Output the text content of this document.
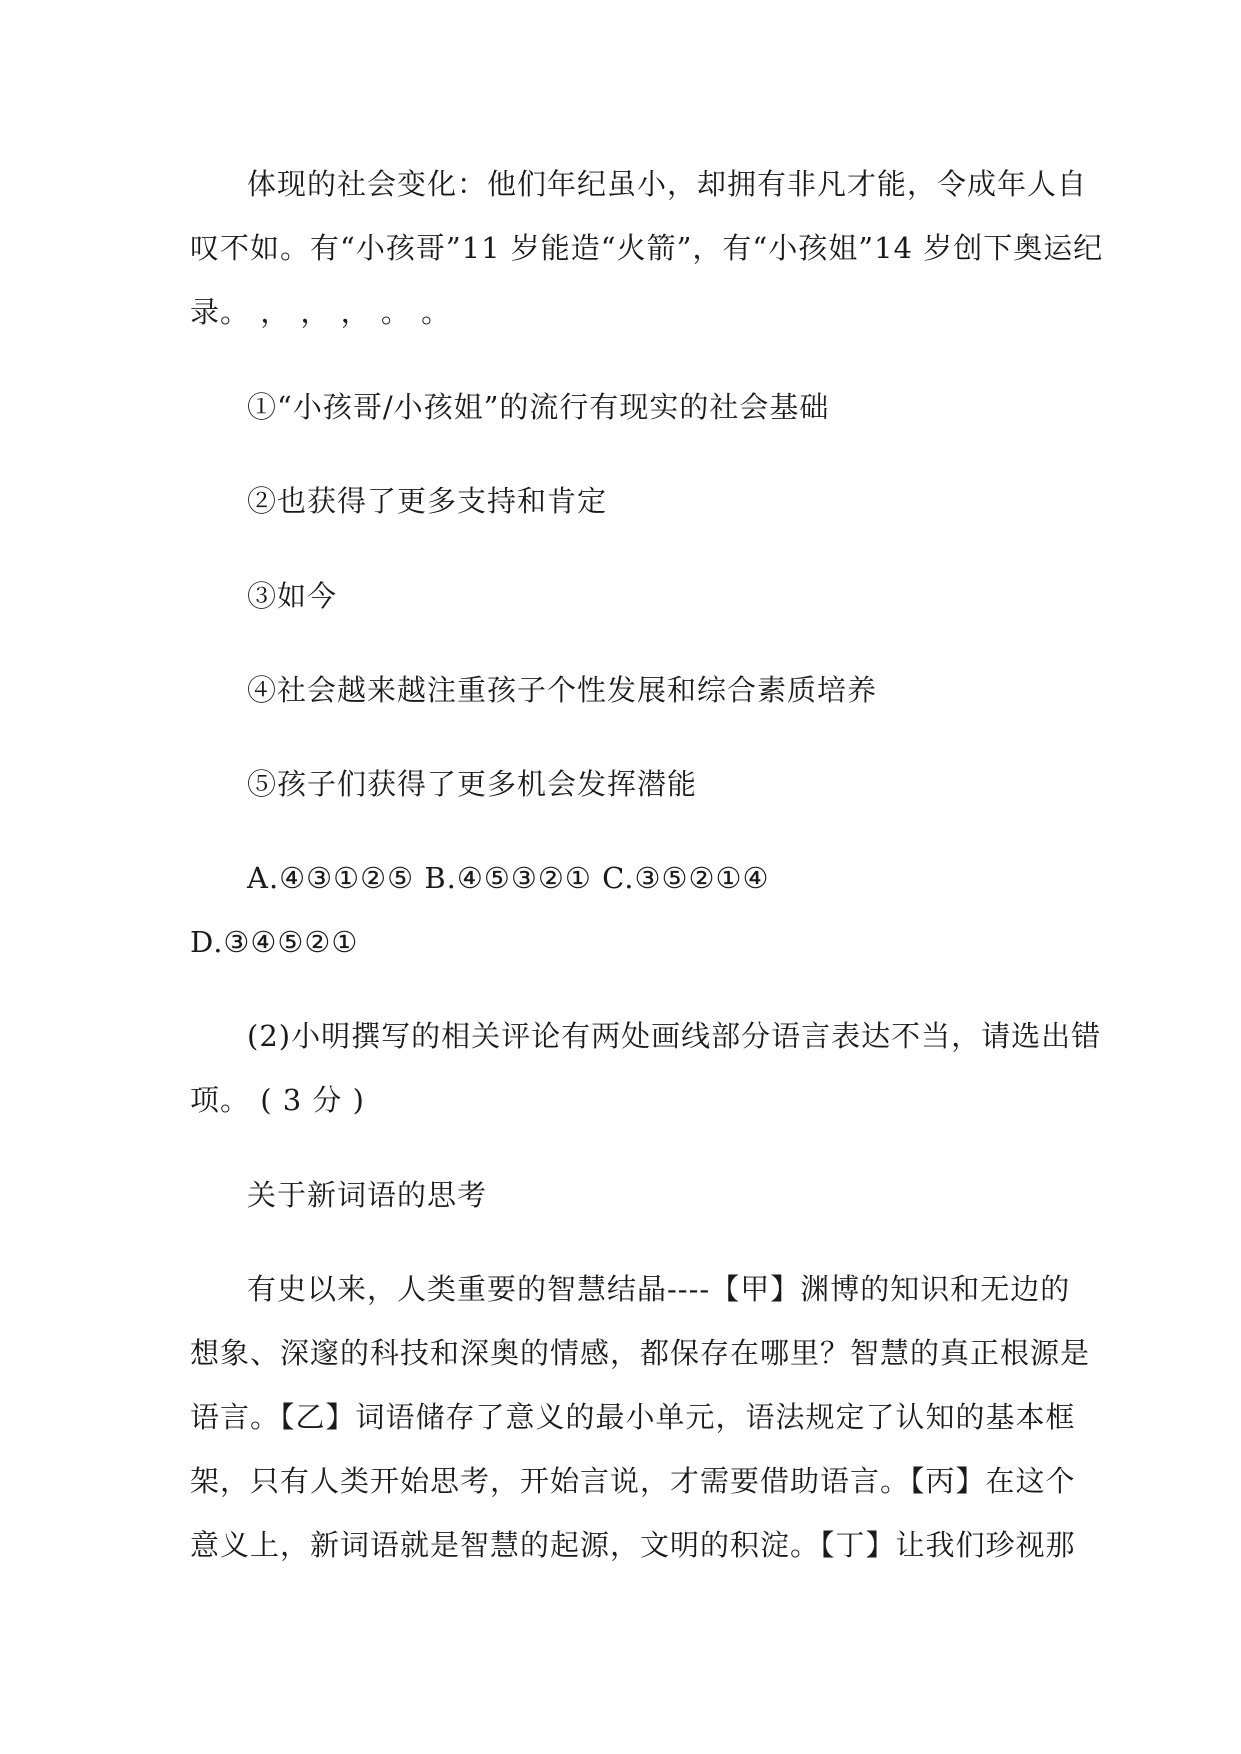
体现的社会变化：他们年纪虽小，却拥有非凡才能，令成年人自
叹不如。有“小孩哥”11 岁能造“火箭”，有“小孩姐”14 岁创下奥运纪
录。 ， ， ， 。 。
①“小孩哥/小孩姐”的流行有现实的社会基础
②也获得了更多支持和肯定
③如今
④社会越来越注重孩子个性发展和综合素质培养
⑤孩子们获得了更多机会发挥潜能
A.④③①②⑤ B.④⑤③②① C.③⑤②①④
D.③④⑤②①
(2)小明撰写的相关评论有两处画线部分语言表达不当，请选出错
项。 ( 3 分 )
关于新词语的思考
有史以来，人类重要的智慧结晶----【甲】渊博的知识和无边的
想象、深邃的科技和深奥的情感，都保存在哪里？智慧的真正根源是
语言。【乙】词语储存了意义的最小单元，语法规定了认知的基本框
架，只有人类开始思考，开始言说，才需要借助语言。【丙】在这个
意义上，新词语就是智慧的起源，文明的积淀。【丁】让我们珍视那
